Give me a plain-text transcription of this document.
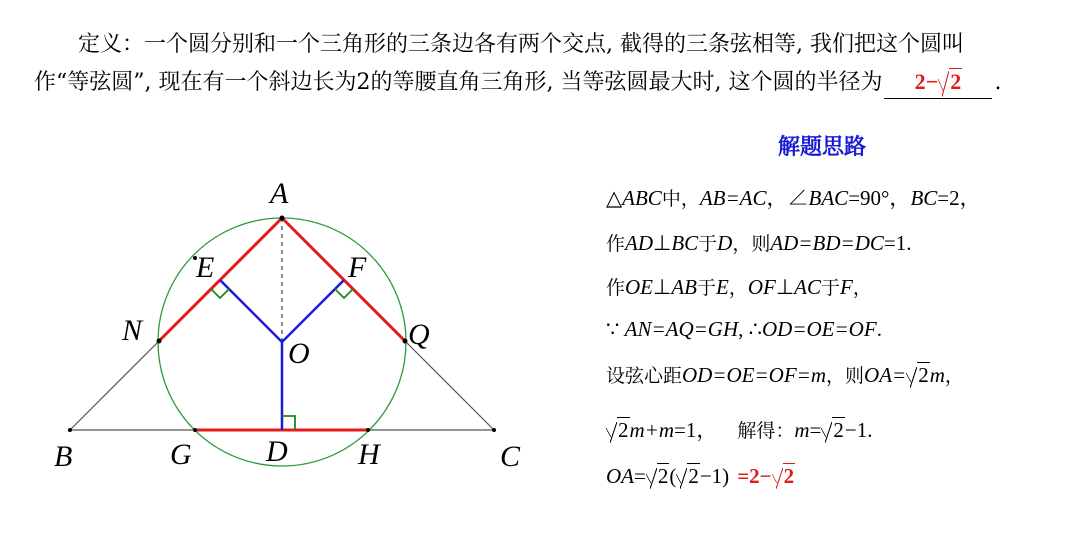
定义：一个圆分别和一个三角形的三条边各有两个交点, 截得的三条弦相等, 我们把这个圆叫
作“等弦圆”, 现在有一个斜边长为2的等腰直角三角形, 当等弦圆最大时, 这个圆的半径为 2− 2 .
A
E	F
N
O
Q
B	G D H	C
解题思路
△ABC中，AB=AC，∠BAC=90°，BC=2，
作AD⊥BC于D，则AD=BD=DC=1.
作OE⊥AB于E，OF⊥AC于F，
∵ AN=AQ=GH, ∴OD=OE=OF.
设弦心距OD=OE=OF=m，则OA= 2m，
2m+m=1， 解得：m= 2−1.
OA= 2( 2−1) =2− 2
